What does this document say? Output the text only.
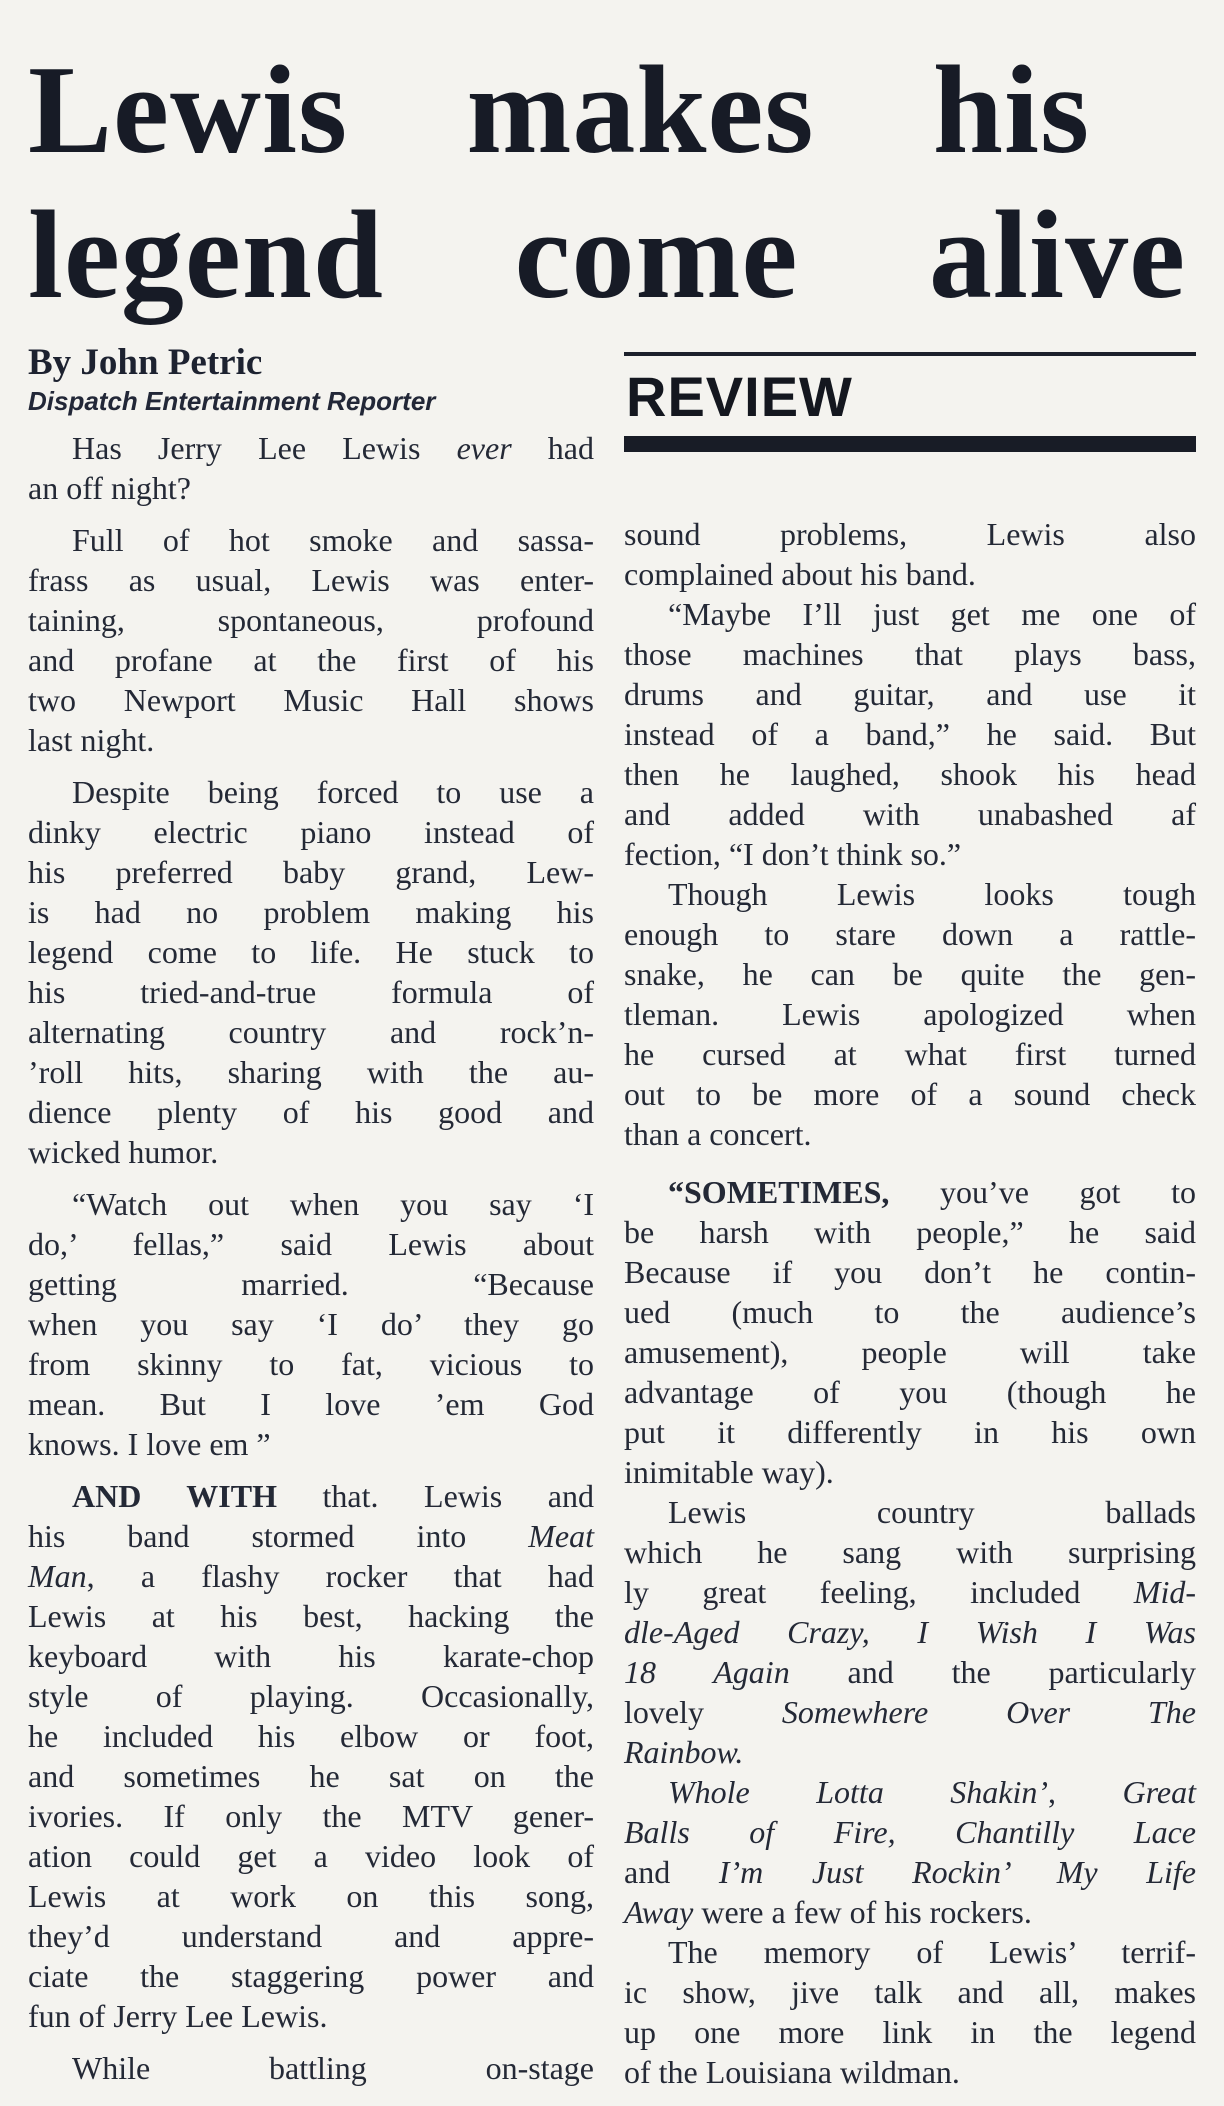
Lewis makes his
legend come alive
By John Petric
Dispatch Entertainment Reporter

Has Jerry Lee Lewis ever had
an off night?

Full of hot smoke and sassa-
frass as usual, Lewis was enter-
taining, spontaneous, profound
and profane at the first of his
two Newport Music Hall shows
last night.

Despite being forced to use a
dinky electric piano instead of
his preferred baby grand, Lew-
is had no problem making his
legend come to life. He stuck to
his tried-and-true formula of
alternating country and rock’n-
’roll hits, sharing with the au-
dience plenty of his good and
wicked humor.

“Watch out when you say ‘I
do,’ fellas,” said Lewis about
getting married. “Because
when you say ‘I do’ they go
from skinny to fat, vicious to
mean. But I love ’em God
knows. I love em ”

AND WITH that. Lewis and
his band stormed into Meat
Man, a flashy rocker that had
Lewis at his best, hacking the
keyboard with his karate-chop
style of playing. Occasionally,
he included his elbow or foot,
and sometimes he sat on the
ivories. If only the MTV gener-
ation could get a video look of
Lewis at work on this song,
they’d understand and appre-
ciate the staggering power and
fun of Jerry Lee Lewis.

While battling on-stage

REVIEW

sound problems, Lewis also
complained about his band.

“Maybe I’ll just get me one of
those machines that plays bass,
drums and guitar, and use it
instead of a band,” he said. But
then he laughed, shook his head
and added with unabashed af
fection, “I don’t think so.”

Though Lewis looks tough
enough to stare down a rattle-
snake, he can be quite the gen-
tleman. Lewis apologized when
he cursed at what first turned
out to be more of a sound check
than a concert.

“SOMETIMES, you’ve got to
be harsh with people,” he said
Because if you don’t he contin-
ued (much to the audience’s
amusement), people will take
advantage of you (though he
put it differently in his own
inimitable way).

Lewis country ballads
which he sang with surprising
ly great feeling, included Mid-
dle-Aged Crazy, I Wish I Was
18 Again and the particularly
lovely Somewhere Over The
Rainbow.

Whole Lotta Shakin’, Great
Balls of Fire, Chantilly Lace
and I’m Just Rockin’ My Life
Away were a few of his rockers.

The memory of Lewis’ terrif-
ic show, jive talk and all, makes
up one more link in the legend
of the Louisiana wildman.
